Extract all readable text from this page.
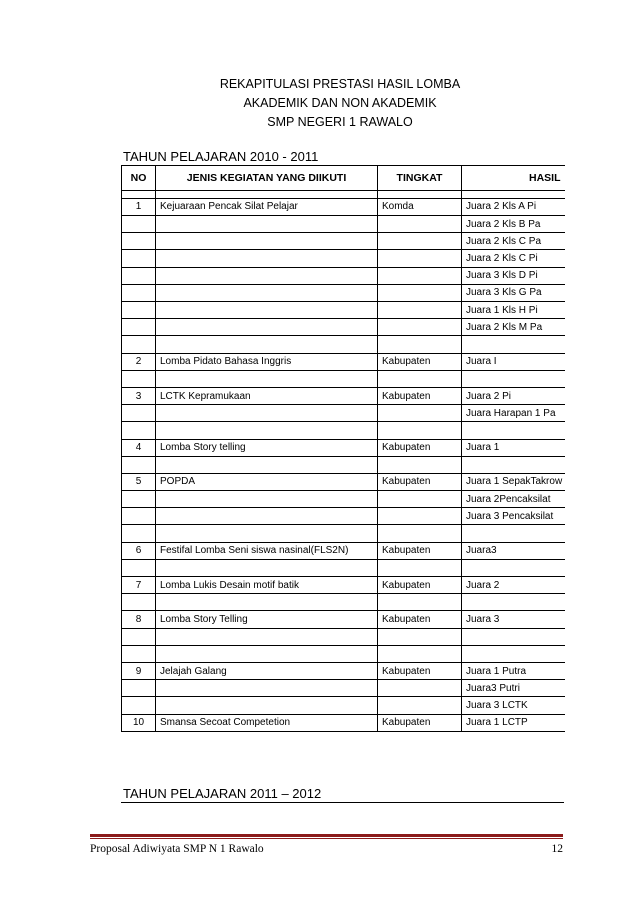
REKAPITULASI PRESTASI HASIL LOMBA
AKADEMIK DAN NON AKADEMIK
SMP NEGERI 1 RAWALO
TAHUN PELAJARAN 2010 - 2011
NO	JENIS KEGIATAN YANG DIIKUTI	TINGKAT	HASIL

1	Kejuaraan Pencak Silat Pelajar	Komda	Juara 2 Kls A Pi
			Juara 2 Kls B Pa
			Juara 2 Kls C Pa
			Juara 2 Kls C Pi
			Juara 3 Kls D Pi
			Juara 3 Kls G Pa
			Juara 1 Kls H Pi
			Juara 2 Kls M Pa

2	Lomba Pidato Bahasa Inggris	Kabupaten	Juara I

3	LCTK Kepramukaan	Kabupaten	Juara 2 Pi
			Juara Harapan 1 Pa

4	Lomba Story telling	Kabupaten	Juara 1

5	POPDA	Kabupaten	Juara 1 SepakTakrow
			Juara 2Pencaksilat
			Juara 3 Pencaksilat

6	Festifal Lomba Seni siswa nasinal(FLS2N)	Kabupaten	Juara3

7	Lomba Lukis Desain motif batik	Kabupaten	Juara 2

8	Lomba Story Telling	Kabupaten	Juara 3

9	Jelajah Galang	Kabupaten	Juara 1 Putra
			Juara3 Putri
			Juara 3 LCTK
10	Smansa Secoat Competetion	Kabupaten	Juara 1 LCTP
TAHUN PELAJARAN 2011 – 2012
Proposal Adiwiyata SMP N 1 Rawalo	12
